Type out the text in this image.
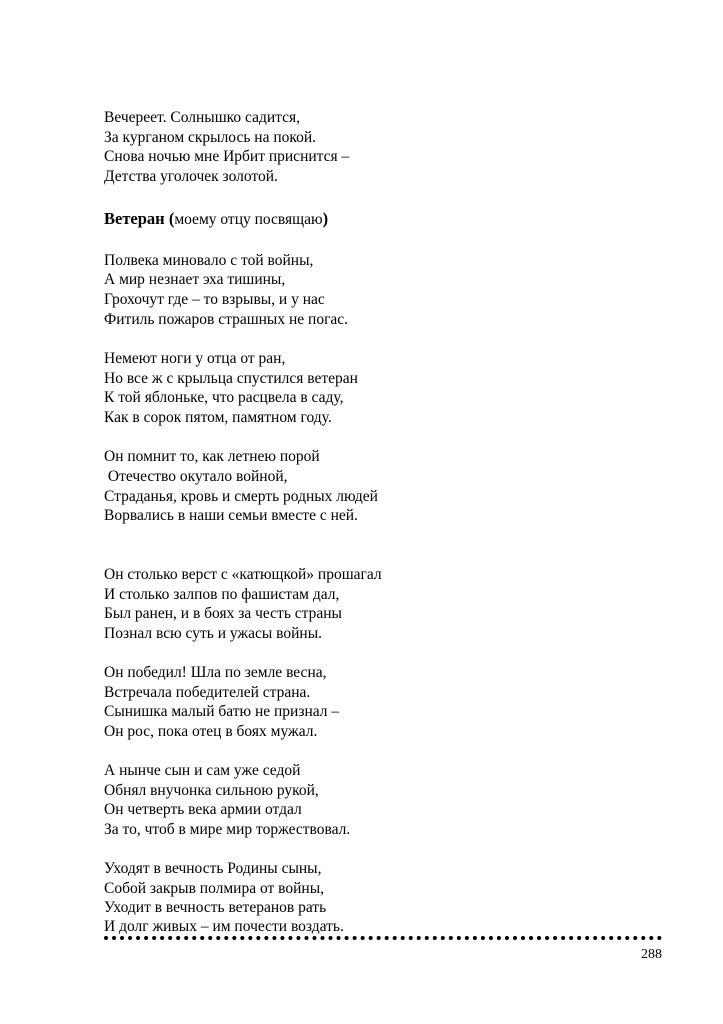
Вечереет. Солнышко садится,

За курганом скрылось на покой.

Снова ночью мне Ирбит приснится –

Детства уголочек золотой.

Ветеран (моему отцу посвящаю)

Полвека миновало с той войны,

А мир незнает эха тишины,

Грохочут где – то взрывы, и у нас

Фитиль пожаров страшных не погас.

Немеют ноги у отца от ран,

Но все ж с крыльца спустился ветеран

К той яблоньке, что расцвела в саду,

Как в сорок пятом, памятном году.

Он помнит то, как летнею порой

Отечество окутало войной,

Страданья, кровь и смерть родных людей

Ворвались в наши семьи вместе с ней.

Он столько верст с «катющкой» прошагал

И столько залпов по фашистам дал,

Был ранен, и в боях за честь страны

Познал всю суть и ужасы войны.

Он победил! Шла по земле весна,

Встречала победителей страна.

Сынишка малый батю не признал –

Он рос, пока отец в боях мужал.

А нынче сын и сам уже седой

Обнял внучонка сильною рукой,

Он четверть века армии отдал

За то, чтоб в мире мир торжествовал.

Уходят в вечность Родины сыны,

Собой закрыв полмира от войны,

Уходит в вечность ветеранов рать

И долг живых – им почести воздать.

288
